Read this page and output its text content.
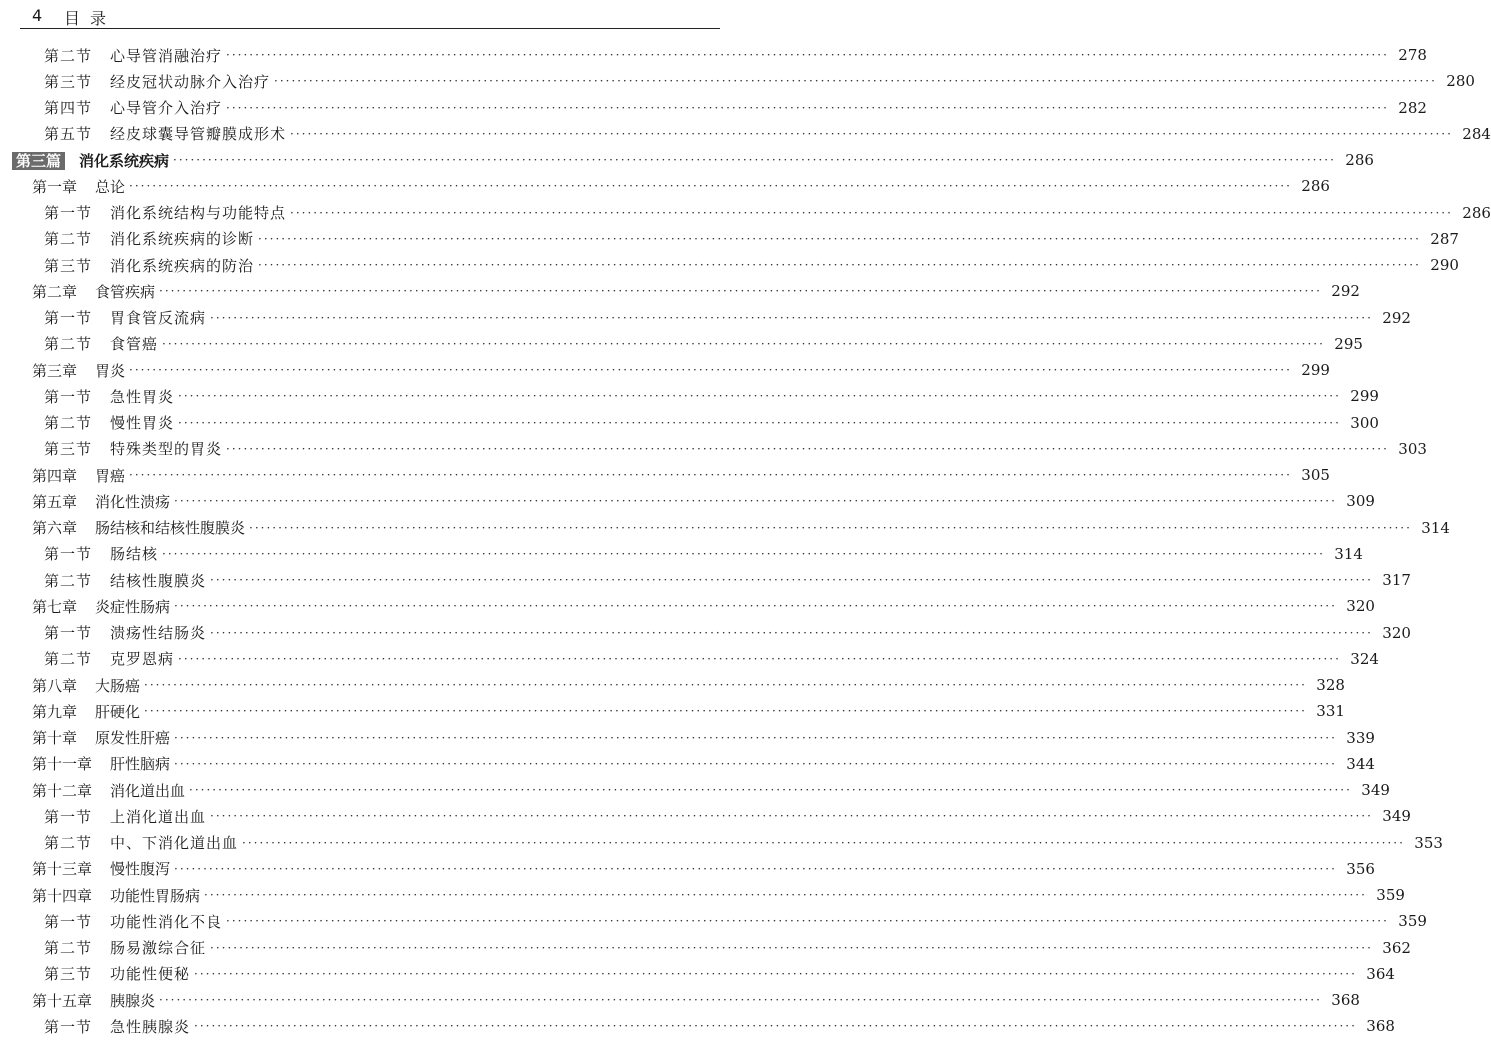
4 目录
第二节 心导管消融治疗 ········································································································································································································ 278
第三节 经皮冠状动脉介入治疗 ········································································································································································································ 280
第四节 心导管介入治疗 ········································································································································································································ 282
第五节 经皮球囊导管瓣膜成形术 ········································································································································································································ 284
第三篇 消化系统疾病 ········································································································································································································ 286
第一章 总论 ········································································································································································································ 286
第一节 消化系统结构与功能特点 ········································································································································································································ 286
第二节 消化系统疾病的诊断 ········································································································································································································ 287
第三节 消化系统疾病的防治 ········································································································································································································ 290
第二章 食管疾病 ········································································································································································································ 292
第一节 胃食管反流病 ········································································································································································································ 292
第二节 食管癌 ········································································································································································································ 295
第三章 胃炎 ········································································································································································································ 299
第一节 急性胃炎 ········································································································································································································ 299
第二节 慢性胃炎 ········································································································································································································ 300
第三节 特殊类型的胃炎 ········································································································································································································ 303
第四章 胃癌 ········································································································································································································ 305
第五章 消化性溃疡 ········································································································································································································ 309
第六章 肠结核和结核性腹膜炎 ········································································································································································································ 314
第一节 肠结核 ········································································································································································································ 314
第二节 结核性腹膜炎 ········································································································································································································ 317
第七章 炎症性肠病 ········································································································································································································ 320
第一节 溃疡性结肠炎 ········································································································································································································ 320
第二节 克罗恩病 ········································································································································································································ 324
第八章 大肠癌 ········································································································································································································ 328
第九章 肝硬化 ········································································································································································································ 331
第十章 原发性肝癌 ········································································································································································································ 339
第十一章 肝性脑病 ········································································································································································································ 344
第十二章 消化道出血 ········································································································································································································ 349
第一节 上消化道出血 ········································································································································································································ 349
第二节 中、下消化道出血 ········································································································································································································ 353
第十三章 慢性腹泻 ········································································································································································································ 356
第十四章 功能性胃肠病 ········································································································································································································ 359
第一节 功能性消化不良 ········································································································································································································ 359
第二节 肠易激综合征 ········································································································································································································ 362
第三节 功能性便秘 ········································································································································································································ 364
第十五章 胰腺炎 ········································································································································································································ 368
第一节 急性胰腺炎 ········································································································································································································ 368
